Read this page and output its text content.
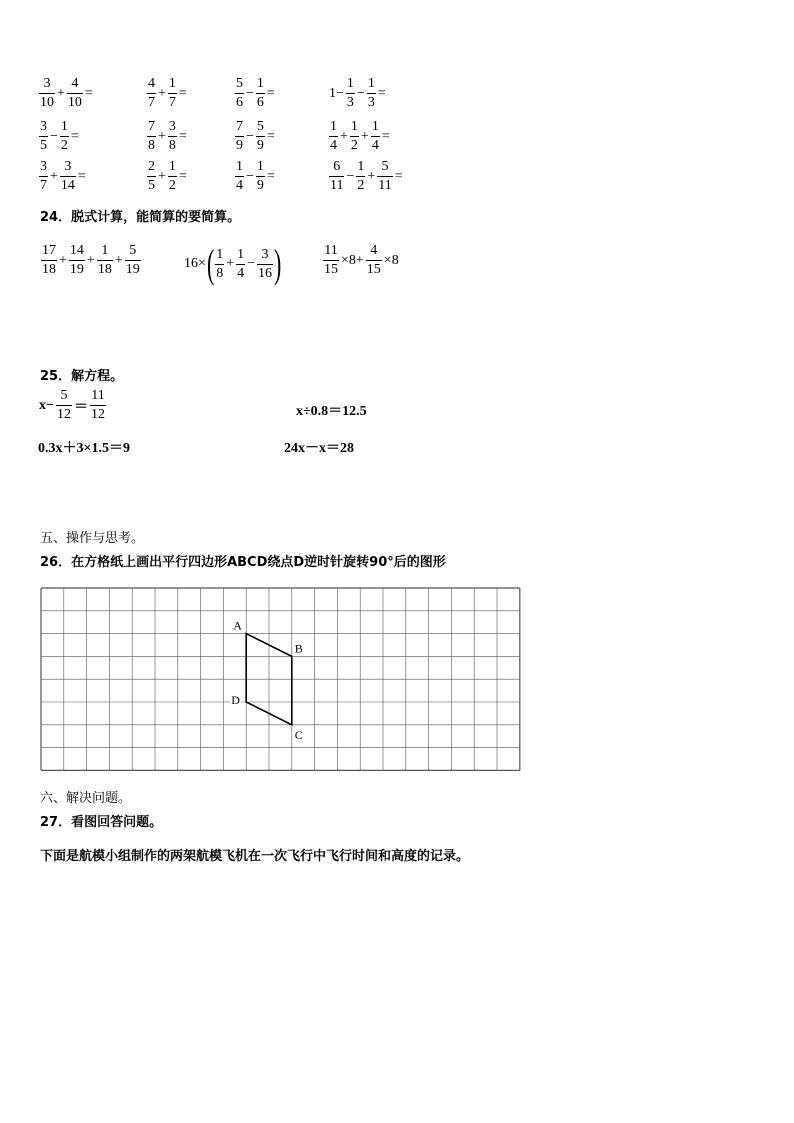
24．脱式计算，能简算的要简算。
$\frac{17}{18} + \frac{14}{19} + \frac{1}{18} + \frac{5}{19}$	16× ( $\frac{1}{8} + \frac{1}{4} - \frac{3}{16}$ )	$\frac{11}{15} \times 8+ \frac{4}{15} \times 8$
25．解方程。
$x- \frac{5}{12} = \frac{11}{12}$	x÷0.8＝12.5
0.3x＋3×1.5＝9	24x－x＝28
五、操作与思考。
26．在方格纸上画出平行四边形ABCD绕点D逆时针旋转90°后的图形
A
B
C
D
六、解决问题。
27．看图回答问题。
下面是航模小组制作的两架航模飞机在一次飞行中飞行时间和高度的记录。
$\frac{3}{10} + \frac{4}{10}$ =	$\frac{4}{7} + \frac{1}{7}$ =	$\frac{5}{6} - \frac{1}{6}$ =	$1- \frac{1}{3} - \frac{1}{3}$ =
$\frac{3}{5} - \frac{1}{2}$ =	$\frac{7}{8} + \frac{3}{8}$ =	$\frac{7}{9} - \frac{5}{9}$ =	$\frac{1}{4} + \frac{1}{2} + \frac{1}{4}$ =
$\frac{3}{7} + \frac{3}{14}$ =	$\frac{2}{5} + \frac{1}{2}$ =	$\frac{1}{4} - \frac{1}{9}$ =	$\frac{6}{11} - \frac{1}{2} + \frac{5}{11}$ =
